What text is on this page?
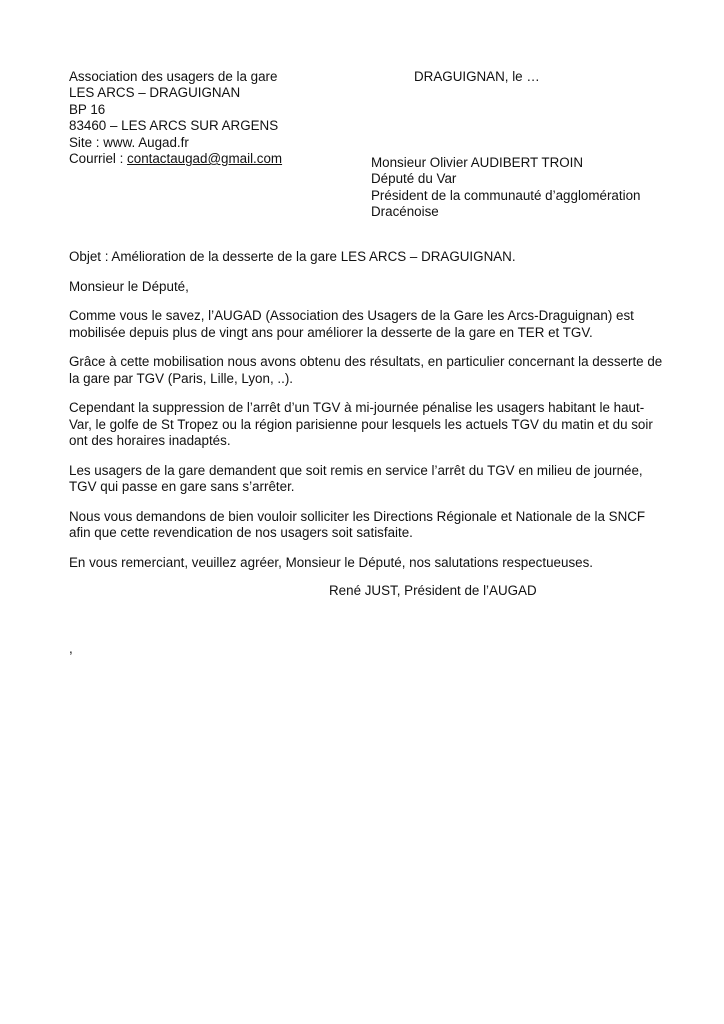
Association des usagers de la gare
LES ARCS – DRAGUIGNAN
BP 16
83460 – LES ARCS SUR ARGENS
Site : www. Augad.fr
Courriel : contactaugad@gmail.com
DRAGUIGNAN, le …
Monsieur Olivier AUDIBERT TROIN
Député du Var
Président de la communauté d’agglomération
Dracénoise

Objet : Amélioration de la desserte de la gare LES ARCS – DRAGUIGNAN.

Monsieur le Député,

Comme vous le savez, l’AUGAD (Association des Usagers de la Gare les Arcs-Draguignan) est mobilisée depuis plus de vingt ans pour améliorer la desserte de la gare en TER et TGV.

Grâce à cette mobilisation nous avons obtenu des résultats, en particulier concernant la desserte de la gare par TGV (Paris, Lille, Lyon, ..).

Cependant la suppression de l’arrêt d’un TGV à mi-journée pénalise les usagers habitant le haut-Var, le golfe de St Tropez ou la région parisienne pour lesquels les actuels TGV du matin et du soir ont des horaires inadaptés.

Les usagers de la gare demandent que soit remis en service l’arrêt du TGV en milieu de journée, TGV qui passe en gare sans s’arrêter.

Nous vous demandons de bien vouloir solliciter les Directions Régionale et Nationale de la SNCF afin que cette revendication de nos usagers soit satisfaite.

En vous remerciant, veuillez agréer, Monsieur le Député, nos salutations respectueuses.

René JUST, Président de l’AUGAD
,
